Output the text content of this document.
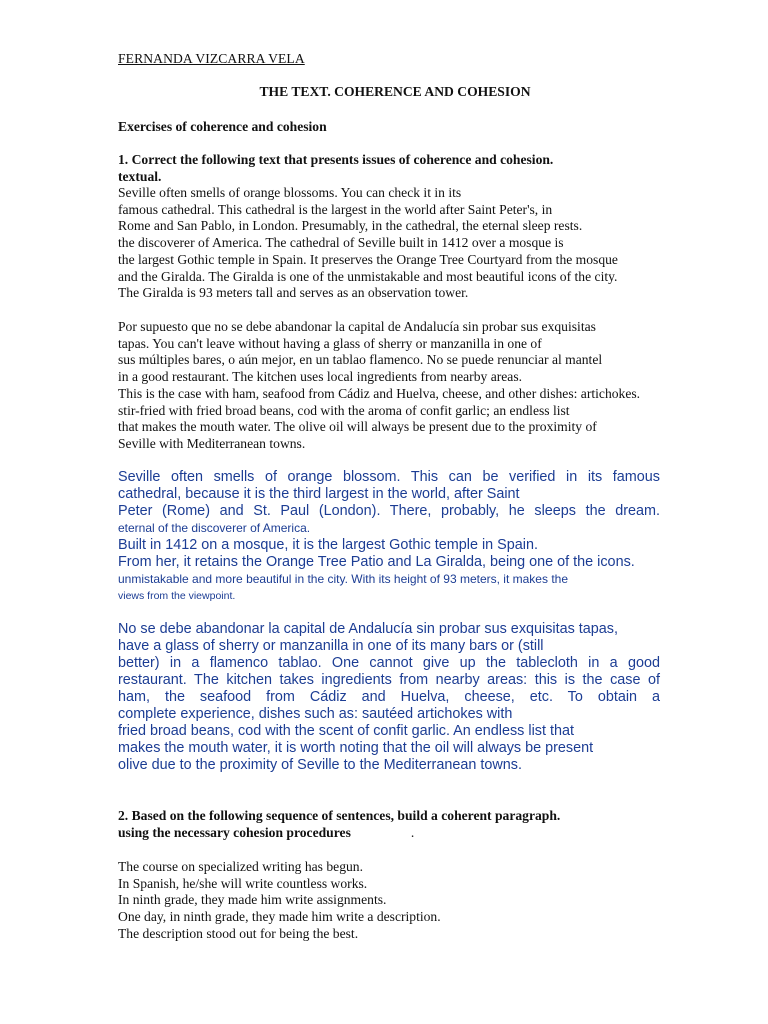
FERNANDA VIZCARRA VELA
THE TEXT. COHERENCE AND COHESION
Exercises of coherence and cohesion
1. Correct the following text that presents issues of coherence and cohesion.
textual.
Seville often smells of orange blossoms. You can check it in its
famous cathedral. This cathedral is the largest in the world after Saint Peter's, in
Rome and San Pablo, in London. Presumably, in the cathedral, the eternal sleep rests.
the discoverer of America. The cathedral of Seville built in 1412 over a mosque is
the largest Gothic temple in Spain. It preserves the Orange Tree Courtyard from the mosque
and the Giralda. The Giralda is one of the unmistakable and most beautiful icons of the city.
The Giralda is 93 meters tall and serves as an observation tower.
Por supuesto que no se debe abandonar la capital de Andalucía sin probar sus exquisitas
tapas. You can't leave without having a glass of sherry or manzanilla in one of
sus múltiples bares, o aún mejor, en un tablao flamenco. No se puede renunciar al mantel
in a good restaurant. The kitchen uses local ingredients from nearby areas.
This is the case with ham, seafood from Cádiz and Huelva, cheese, and other dishes: artichokes.
stir-fried with fried broad beans, cod with the aroma of confit garlic; an endless list
that makes the mouth water. The olive oil will always be present due to the proximity of
Seville with Mediterranean towns.
Seville often smells of orange blossom. This can be verified in its famous
cathedral, because it is the third largest in the world, after Saint
Peter (Rome) and St. Paul (London). There, probably, he sleeps the dream.
eternal of the discoverer of America.
Built in 1412 on a mosque, it is the largest Gothic temple in Spain.
From her, it retains the Orange Tree Patio and La Giralda, being one of the icons.
unmistakable and more beautiful in the city. With its height of 93 meters, it makes the
views from the viewpoint.
No se debe abandonar la capital de Andalucía sin probar sus exquisitas tapas,
have a glass of sherry or manzanilla in one of its many bars or (still
better) in a flamenco tablao. One cannot give up the tablecloth in a good
restaurant. The kitchen takes ingredients from nearby areas: this is the case of
ham, the seafood from Cádiz and Huelva, cheese, etc. To obtain a
complete experience, dishes such as: sautéed artichokes with
fried broad beans, cod with the scent of confit garlic. An endless list that
makes the mouth water, it is worth noting that the oil will always be present
olive due to the proximity of Seville to the Mediterranean towns.
2. Based on the following sequence of sentences, build a coherent paragraph.
using the necessary cohesion procedures	.
The course on specialized writing has begun.
In Spanish, he/she will write countless works.
In ninth grade, they made him write assignments.
One day, in ninth grade, they made him write a description.
The description stood out for being the best.
